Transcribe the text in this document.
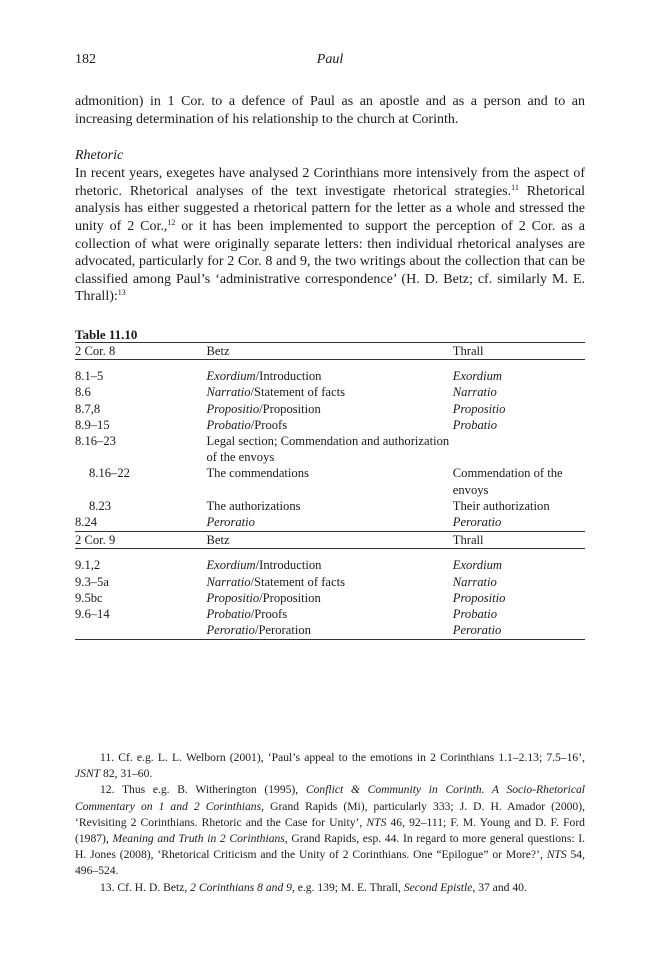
182	Paul

admonition) in 1 Cor. to a defence of Paul as an apostle and as a person and to an increasing determination of his relationship to the church at Corinth.

Rhetoric

In recent years, exegetes have analysed 2 Corinthians more intensively from the aspect of rhetoric. Rhetorical analyses of the text investigate rhetorical strategies.$^{11}$ Rhetorical analysis has either suggested a rhetorical pattern for the letter as a whole and stressed the unity of 2 Cor.,$^{12}$ or it has been implemented to support the perception of 2 Cor. as a collection of what were originally separate letters: then individual rhetorical analyses are advocated, particularly for 2 Cor. 8 and 9, the two writings about the collection that can be classified among Paul’s ‘administrative correspondence’ (H. D. Betz; cf. similarly M. E. Thrall):$^{13}$

Table 11.10
2 Cor. 8	Betz	Thrall
8.1–5	Exordium/Introduction	Exordium
8.6	Narratio/Statement of facts	Narratio
8.7,8	Propositio/Proposition	Propositio
8.9–15	Probatio/Proofs	Probatio
8.16–23	Legal section; Commendation and authorization of the envoys	
8.16–22	The commendations	Commendation of the envoys
8.23	The authorizations	Their authorization
8.24	Peroratio	Peroratio
2 Cor. 9	Betz	Thrall
9.1,2	Exordium/Introduction	Exordium
9.3–5a	Narratio/Statement of facts	Narratio
9.5bc	Propositio/Proposition	Propositio
9.6–14	Probatio/Proofs	Probatio
	Peroratio/Peroration	Peroratio

11. Cf. e.g. L. L. Welborn (2001), ‘Paul’s appeal to the emotions in 2 Corinthians 1.1–2.13; 7.5–16’, JSNT 82, 31–60.

12. Thus e.g. B. Witherington (1995), Conflict & Community in Corinth. A Socio-Rhetorical Commentary on 1 and 2 Corinthians, Grand Rapids (Mi), particularly 333; J. D. H. Amador (2000), ‘Revisiting 2 Corinthians. Rhetoric and the Case for Unity’, NTS 46, 92–111; F. M. Young and D. F. Ford (1987), Meaning and Truth in 2 Corinthians, Grand Rapids, esp. 44. In regard to more general questions: I. H. Jones (2008), ‘Rhetorical Criticism and the Unity of 2 Corinthians. One “Epilogue” or More?’, NTS 54, 496–524.

13. Cf. H. D. Betz, 2 Corinthians 8 and 9, e.g. 139; M. E. Thrall, Second Epistle, 37 and 40.
